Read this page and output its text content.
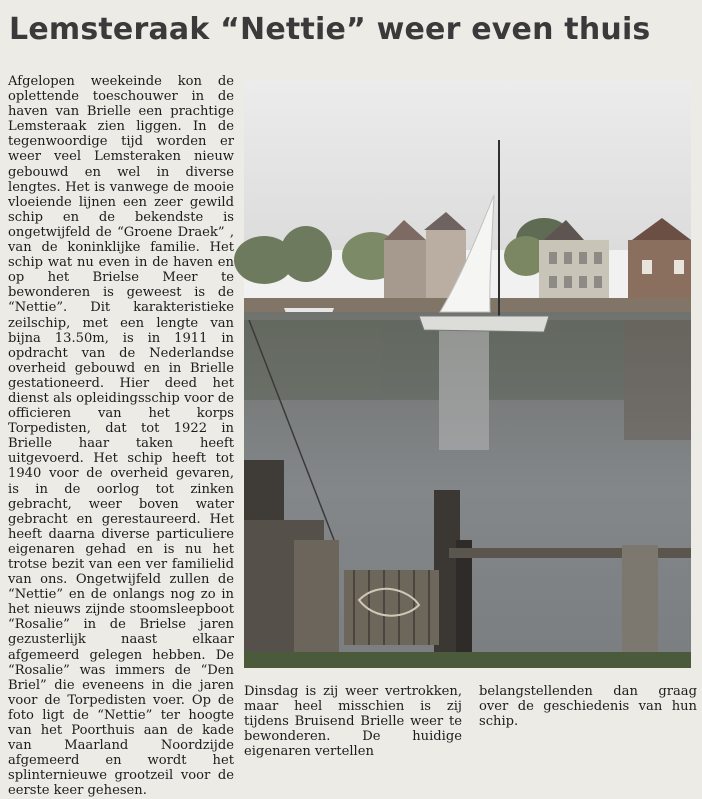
Lemsteraak “Nettie” weer even thuis
Afgelopen weekeinde kon de oplettende toeschouwer in de haven van Brielle een prachtige Lemsteraak zien liggen. In de tegenwoordige tijd worden er weer veel Lemsteraken nieuw gebouwd en wel in diverse lengtes. Het is vanwege de mooie vloeiende lijnen een zeer gewild schip en de bekendste is ongetwijfeld de “Groene Draek” , van de koninklijke familie. Het schip wat nu even in de haven en op het Brielse Meer te bewonderen is geweest is de “Nettie”. Dit karakteristieke zeilschip, met een lengte van bijna 13.50m, is in 1911 in opdracht van de Nederlandse overheid gebouwd en in Brielle gestationeerd. Hier deed het dienst als opleidingsschip voor de officieren van het korps Torpedisten, dat tot 1922 in Brielle haar taken heeft uitgevoerd. Het schip heeft tot 1940 voor de overheid gevaren, is in de oorlog tot zinken gebracht, weer boven water gebracht en gerestaureerd. Het heeft daarna diverse particuliere eigenaren gehad en is nu het trotse bezit van een ver familielid van ons. Ongetwijfeld zullen de “Nettie” en de onlangs nog zo in het nieuws zijnde stoomsleepboot “Rosalie” in de Brielse jaren gezusterlijk naast elkaar afgemeerd gelegen hebben. De “Rosalie” was immers de “Den Briel” die eveneens in die jaren voor de Torpedisten voer. Op de foto ligt de “Nettie” ter hoogte van het Poorthuis aan de kade van Maarland Noordzijde afgemeerd en wordt het splinternieuwe grootzeil voor de eerste keer gehesen.
Dinsdag is zij weer vertrokken, maar heel misschien is zij tijdens Bruisend Brielle weer te bewonderen. De huidige eigenaren vertellen
belangstellenden dan graag over de geschiedenis van hun schip.
